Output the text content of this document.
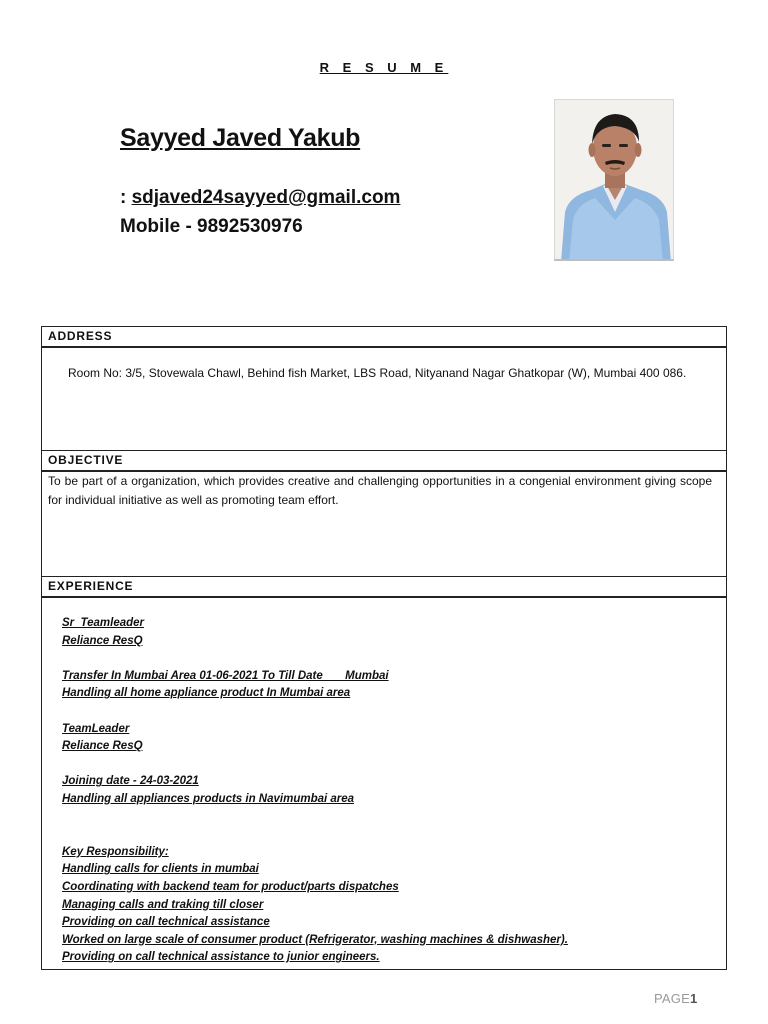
R E S U M E
Sayyed Javed Yakub
: sdjaved24sayyed@gmail.com
Mobile - 9892530976
ADDRESS
Room No: 3/5, Stovewala Chawl, Behind fish Market, LBS Road, Nityanand Nagar Ghatkopar (W), Mumbai 400 086.
OBJECTIVE
To be part of a organization, which provides creative and challenging opportunities in a congenial environment giving scope for individual initiative as well as promoting team effort.
EXPERIENCE
Sr  Teamleader
Reliance ResQ
Transfer In Mumbai Area 01-06-2021 To Till Date       Mumbai
Handling all home appliance product In Mumbai area
TeamLeader
Reliance ResQ
Joining date - 24-03-2021
Handling all appliances products in Navimumbai area
Key Responsibility:
Handling calls for clients in mumbai
Coordinating with backend team for product/parts dispatches
Managing calls and traking till closer
Providing on call technical assistance
Worked on large scale of consumer product (Refrigerator, washing machines & dishwasher).
Providing on call technical assistance to junior engineers.
PAGE1
